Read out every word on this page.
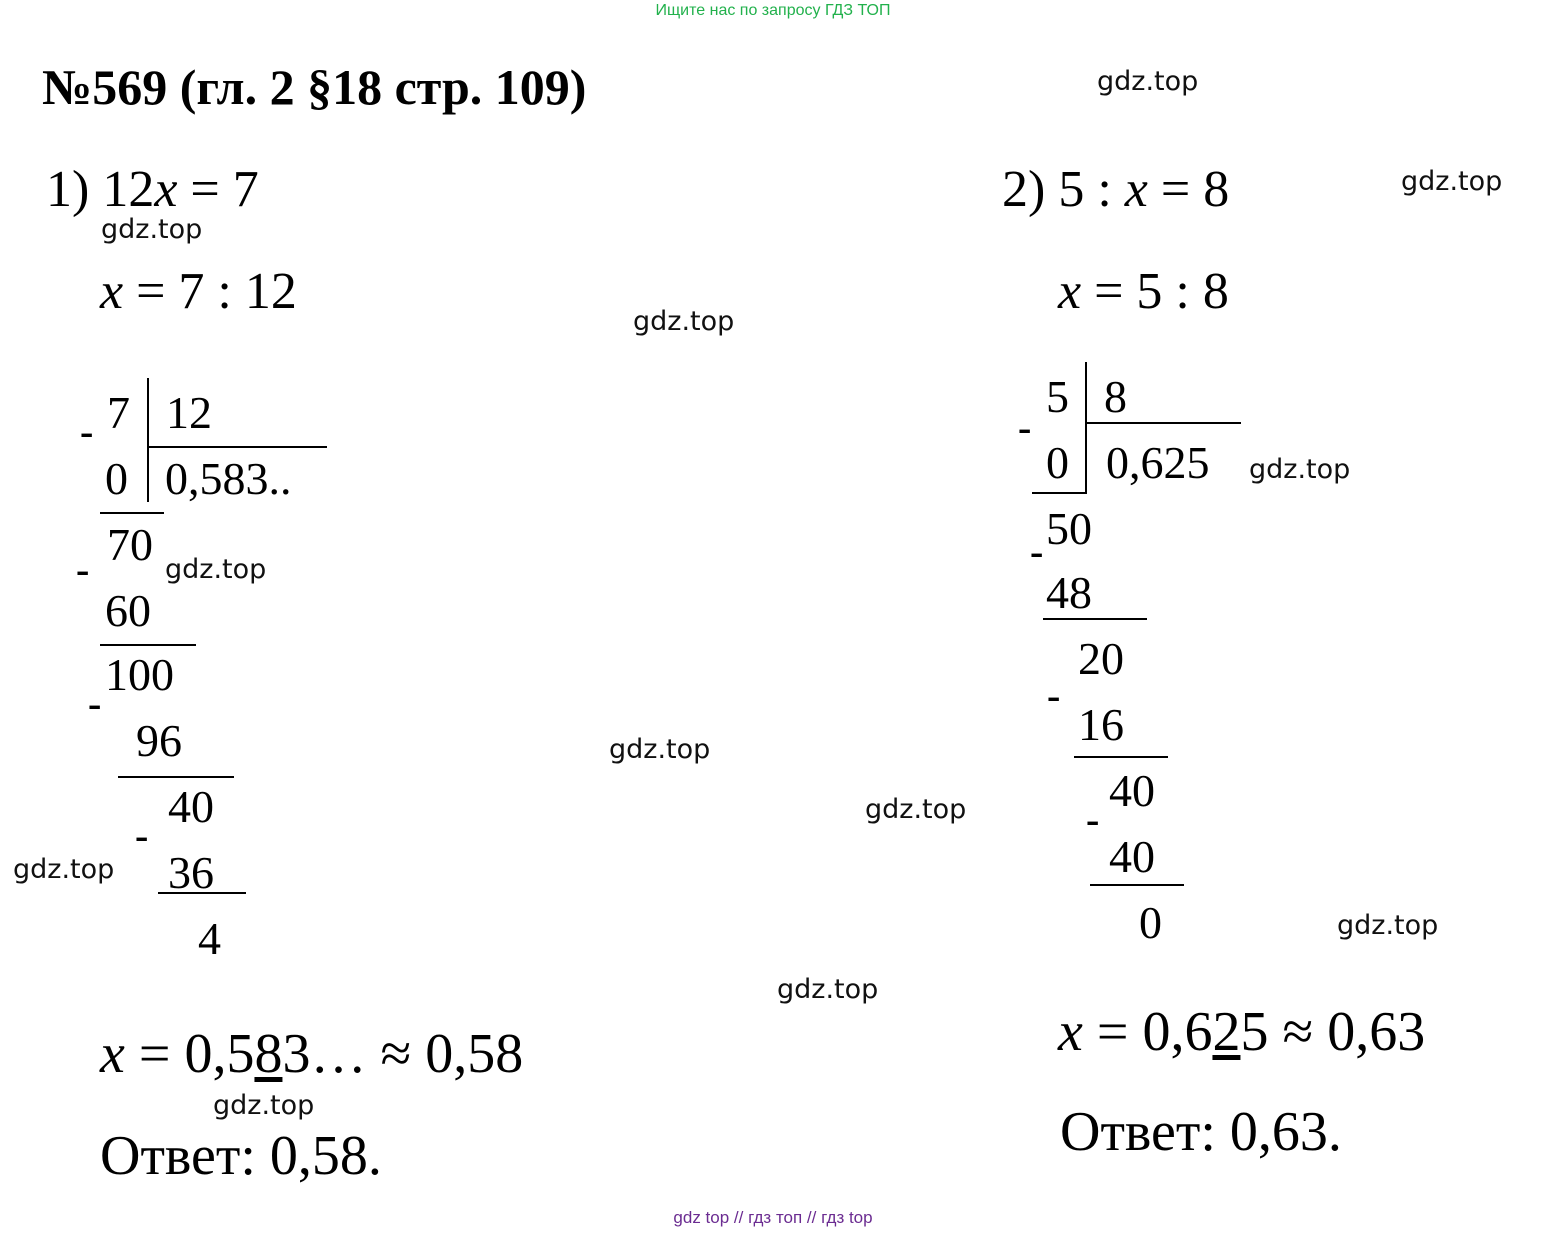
Ищите нас по запросу ГДЗ ТОП
№569 (гл. 2 §18 стр. 109)	gdz.top
gdz.top
gdz.top
gdz.top
gdz.top
gdz.top
gdz.top
gdz.top
gdz.top
gdz.top
gdz.top
gdz.top
1) 12x = 7
x = 7 : 12
7 12
0,583..
-
0
70
-
60
100
-
96
40
-
36
4
x = 0,583… ≈ 0,58
Ответ: 0,58.
2) 5 : x = 8
x = 5 : 8
5 8
0,625
-
0
50
-
48
20
-
16
40
-
40
0
x = 0,625 ≈ 0,63
Ответ: 0,63.
gdz top // гдз топ // гдз top
